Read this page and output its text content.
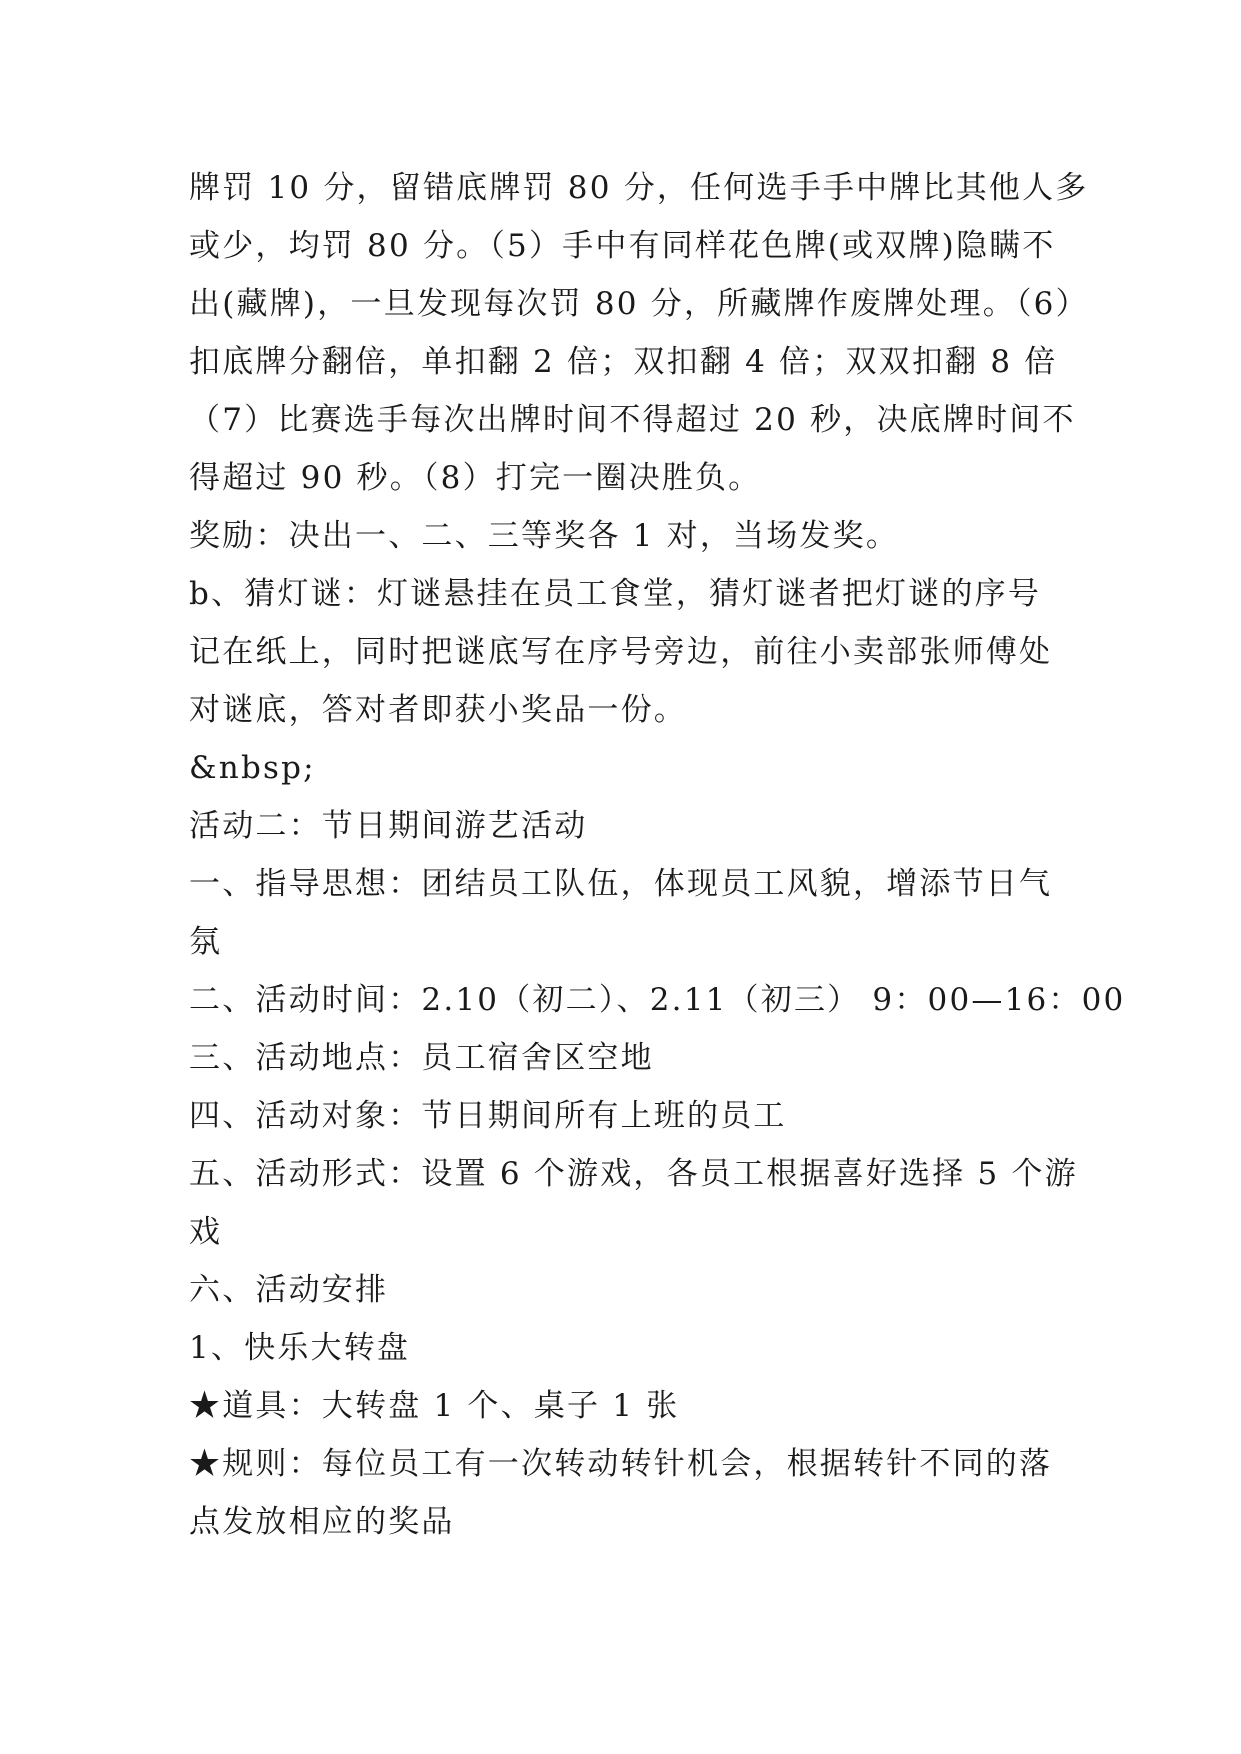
牌罚 10 分，留错底牌罚 80 分，任何选手手中牌比其他人多
或少，均罚 80 分。（5）手中有同样花色牌(或双牌)隐瞒不
出(藏牌)，一旦发现每次罚 80 分，所藏牌作废牌处理。（6）
扣底牌分翻倍，单扣翻 2 倍；双扣翻 4 倍；双双扣翻 8 倍
（7）比赛选手每次出牌时间不得超过 20 秒，决底牌时间不
得超过 90 秒。（8）打完一圈决胜负。
奖励：决出一、二、三等奖各 1 对，当场发奖。
b、猜灯谜：灯谜悬挂在员工食堂，猜灯谜者把灯谜的序号
记在纸上，同时把谜底写在序号旁边，前往小卖部张师傅处
对谜底，答对者即获小奖品一份。
&nbsp;
活动二：节日期间游艺活动
一、指导思想：团结员工队伍，体现员工风貌，增添节日气
氛
二、活动时间：2.10（初二）、2.11（初三） 9：00—16：00
三、活动地点：员工宿舍区空地
四、活动对象：节日期间所有上班的员工
五、活动形式：设置 6 个游戏，各员工根据喜好选择 5 个游
戏
六、活动安排
1、快乐大转盘
★道具：大转盘 1 个、桌子 1 张
★规则：每位员工有一次转动转针机会，根据转针不同的落
点发放相应的奖品
